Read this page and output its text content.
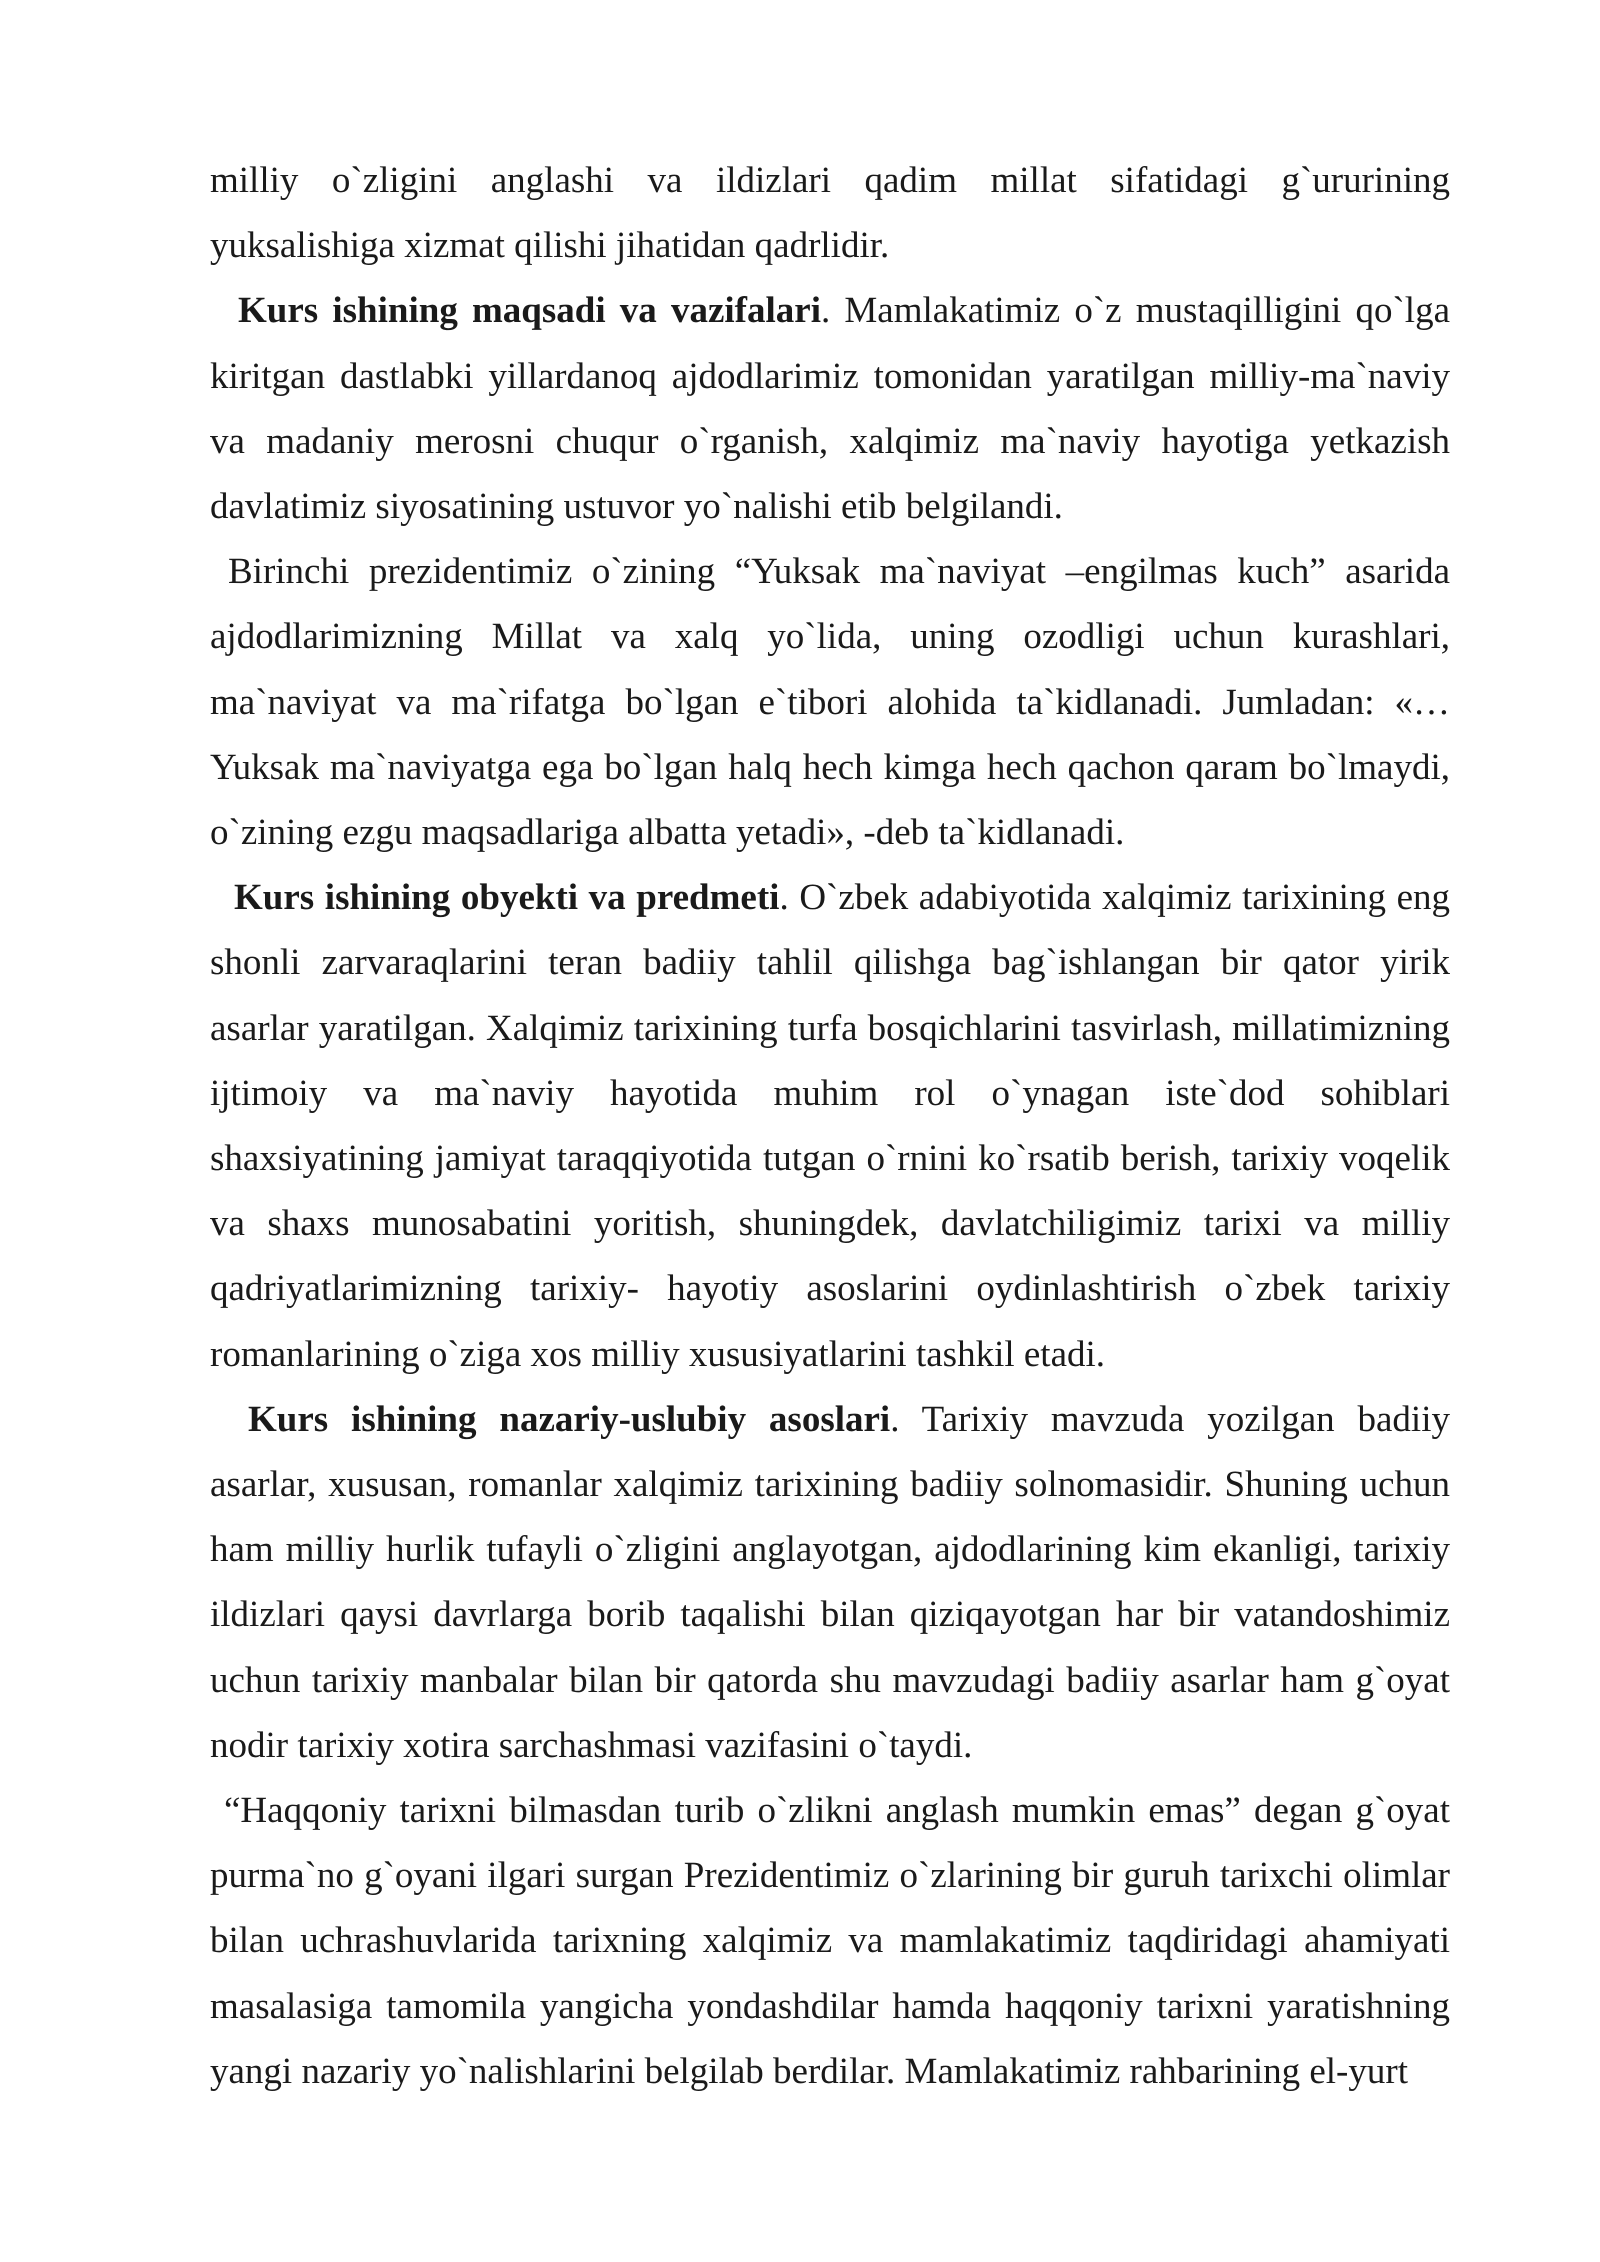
milliy o`zligini anglashi va ildizlari qadim millat sifatidagi g`ururining yuksalishiga xizmat qilishi jihatidan qadrlidir.

Kurs ishining maqsadi va vazifalari. Mamlakatimiz o`z mustaqilligini qo`lga kiritgan dastlabki yillardanoq ajdodlarimiz tomonidan yaratilgan milliy-ma`naviy va madaniy merosni chuqur o`rganish, xalqimiz ma`naviy hayotiga yetkazish davlatimiz siyosatining ustuvor yo`nalishi etib belgilandi.

Birinchi prezidentimiz o`zining “Yuksak ma`naviyat –engilmas kuch” asarida ajdodlarimizning Millat va xalq yo`lida, uning ozodligi uchun kurashlari, ma`naviyat va ma`rifatga bo`lgan e`tibori alohida ta`kidlanadi. Jumladan: «… Yuksak ma`naviyatga ega bo`lgan halq hech kimga hech qachon qaram bo`lmaydi, o`zining ezgu maqsadlariga albatta yetadi», -deb ta`kidlanadi.

Kurs ishining obyekti va predmeti. O`zbek adabiyotida xalqimiz tarixining eng shonli zarvaraqlarini teran badiiy tahlil qilishga bag`ishlangan bir qator yirik asarlar yaratilgan. Xalqimiz tarixining turfa bosqichlarini tasvirlash, millatimizning ijtimoiy va ma`naviy hayotida muhim rol o`ynagan iste`dod sohiblari shaxsiyatining jamiyat taraqqiyotida tutgan o`rnini ko`rsatib berish, tarixiy voqelik va shaxs munosabatini yoritish, shuningdek, davlatchiligimiz tarixi va milliy qadriyatlarimizning tarixiy- hayotiy asoslarini oydinlashtirish o`zbek tarixiy romanlarining o`ziga xos milliy xususiyatlarini tashkil etadi.

Kurs ishining nazariy-uslubiy asoslari. Tarixiy mavzuda yozilgan badiiy asarlar, xususan, romanlar xalqimiz tarixining badiiy solnomasidir. Shuning uchun ham milliy hurlik tufayli o`zligini anglayotgan, ajdodlarining kim ekanligi, tarixiy ildizlari qaysi davrlarga borib taqalishi bilan qiziqayotgan har bir vatandoshimiz uchun tarixiy manbalar bilan bir qatorda shu mavzudagi badiiy asarlar ham g`oyat nodir tarixiy xotira sarchashmasi vazifasini o`taydi.

“Haqqoniy tarixni bilmasdan turib o`zlikni anglash mumkin emas” degan g`oyat purma`no g`oyani ilgari surgan Prezidentimiz o`zlarining bir guruh tarixchi olimlar bilan uchrashuvlarida tarixning xalqimiz va mamlakatimiz taqdiridagi ahamiyati masalasiga tamomila yangicha yondashdilar hamda haqqoniy tarixni yaratishning yangi nazariy yo`nalishlarini belgilab berdilar. Mamlakatimiz rahbarining el-yurt
